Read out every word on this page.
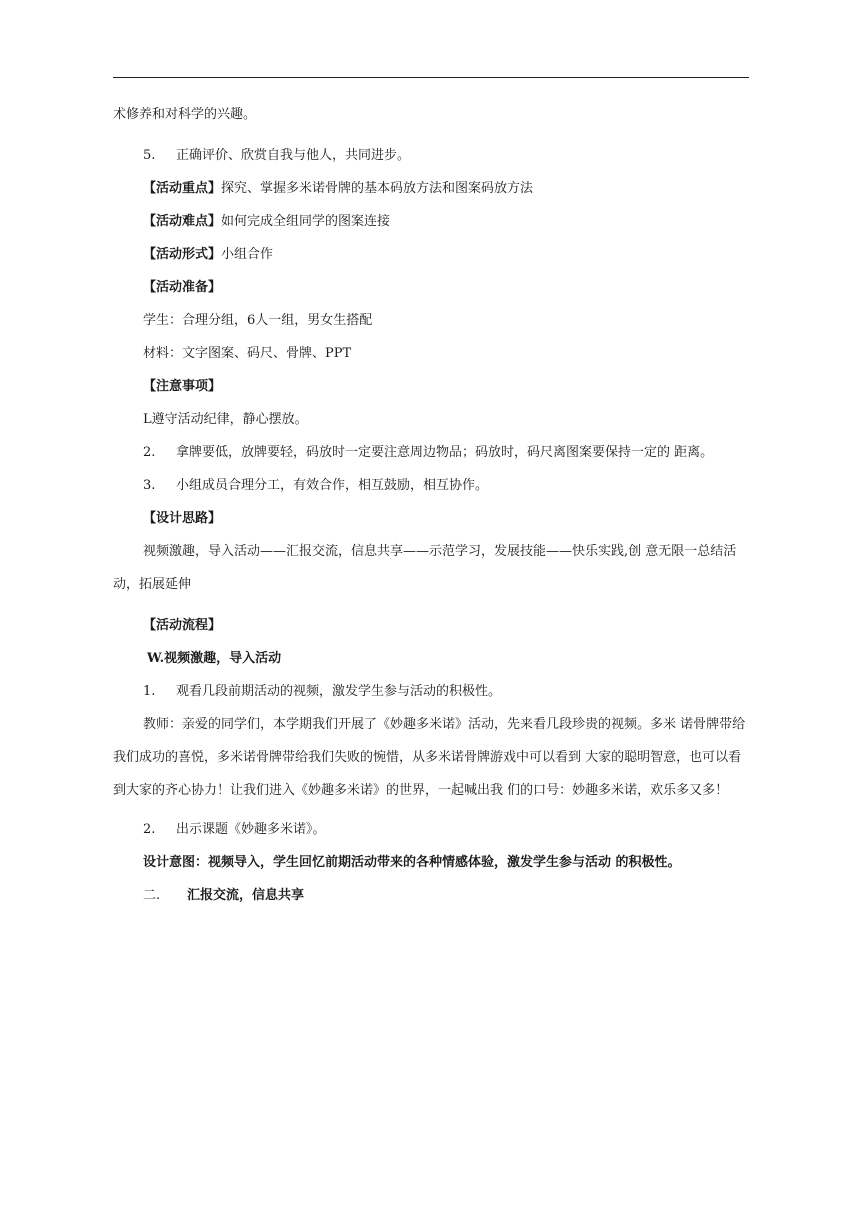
术修养和对科学的兴趣。

5. 正确评价、欣赏自我与他人，共同进步。

【活动重点】探究、掌握多米诺骨牌的基本码放方法和图案码放方法

【活动难点】如何完成全组同学的图案连接

【活动形式】小组合作

【活动准备】

学生：合理分组，6人一组，男女生搭配

材料：文字图案、码尺、骨牌、PPT

【注意事项】

L遵守活动纪律，静心摆放。

2. 拿牌要低，放牌要轻，码放时一定要注意周边物品；码放时，码尺离图案要保持一定的 距离。

3. 小组成员合理分工，有效合作，相互鼓励，相互协作。

【设计思路】

视频激趣，导入活动——汇报交流，信息共享——示范学习，发展技能——快乐实践,创 意无限一总结活动，拓展延伸

【活动流程】

W.视频激趣，导入活动

1. 观看几段前期活动的视频，激发学生参与活动的积极性。

教师：亲爱的同学们，本学期我们开展了《妙趣多米诺》活动，先来看几段珍贵的视频。多米 诺骨牌带给我们成功的喜悦，多米诺骨牌带给我们失败的惋惜，从多米诺骨牌游戏中可以看到 大家的聪明智意，也可以看到大家的齐心协力！让我们进入《妙趣多米诺》的世界，一起喊出我 们的口号：妙趣多米诺，欢乐多又多！

2. 出示课题《妙趣多米诺》。

设计意图：视频导入，学生回忆前期活动带来的各种情感体验，激发学生参与活动 的积极性。

二. 汇报交流，信息共享
